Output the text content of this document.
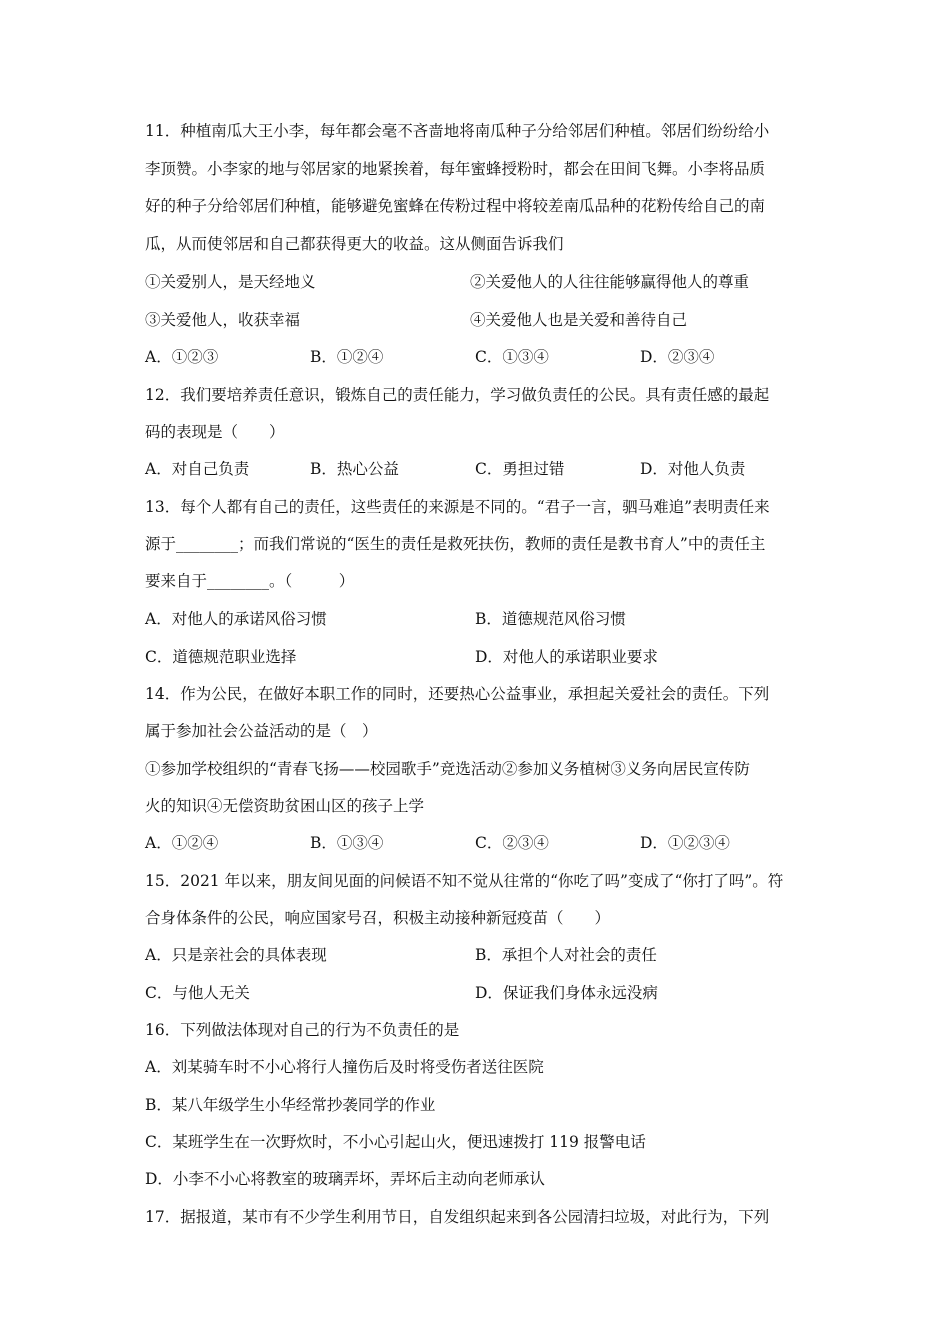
11．种植南瓜大王小李，每年都会毫不吝啬地将南瓜种子分给邻居们种植。邻居们纷纷给小
李顶赞。小李家的地与邻居家的地紧挨着，每年蜜蜂授粉时，都会在田间飞舞。小李将品质
好的种子分给邻居们种植，能够避免蜜蜂在传粉过程中将较差南瓜品种的花粉传给自己的南
瓜，从而使邻居和自己都获得更大的收益。这从侧面告诉我们
①关爱别人，是天经地义	②关爱他人的人往往能够赢得他人的尊重
③关爱他人，收获幸福	④关爱他人也是关爱和善待自己
A．①②③	B．①②④	C．①③④	D．②③④
12．我们要培养责任意识，锻炼自己的责任能力，学习做负责任的公民。具有责任感的最起
码的表现是（　　）
A．对自己负责	B．热心公益	C．勇担过错	D．对他人负责
13．每个人都有自己的责任，这些责任的来源是不同的。“君子一言，驷马难追”表明责任来
源于________；而我们常说的“医生的责任是救死扶伤，教师的责任是教书育人”中的责任主
要来自于________。（　　　）
A．对他人的承诺风俗习惯	B．道德规范风俗习惯
C．道德规范职业选择	D．对他人的承诺职业要求
14．作为公民，在做好本职工作的同时，还要热心公益事业，承担起关爱社会的责任。下列
属于参加社会公益活动的是（　）
①参加学校组织的“青春飞扬——校园歌手”竞选活动②参加义务植树③义务向居民宣传防
火的知识④无偿资助贫困山区的孩子上学
A．①②④	B．①③④	C．②③④	D．①②③④
15．2021 年以来，朋友间见面的问候语不知不觉从往常的“你吃了吗”变成了“你打了吗”。符
合身体条件的公民，响应国家号召，积极主动接种新冠疫苗（　　）
A．只是亲社会的具体表现	B．承担个人对社会的责任
C．与他人无关	D．保证我们身体永远没病
16．下列做法体现对自己的行为不负责任的是
A．刘某骑车时不小心将行人撞伤后及时将受伤者送往医院
B．某八年级学生小华经常抄袭同学的作业
C．某班学生在一次野炊时，不小心引起山火，便迅速拨打 119 报警电话
D．小李不小心将教室的玻璃弄坏，弄坏后主动向老师承认
17．据报道，某市有不少学生利用节日，自发组织起来到各公园清扫垃圾，对此行为，下列
